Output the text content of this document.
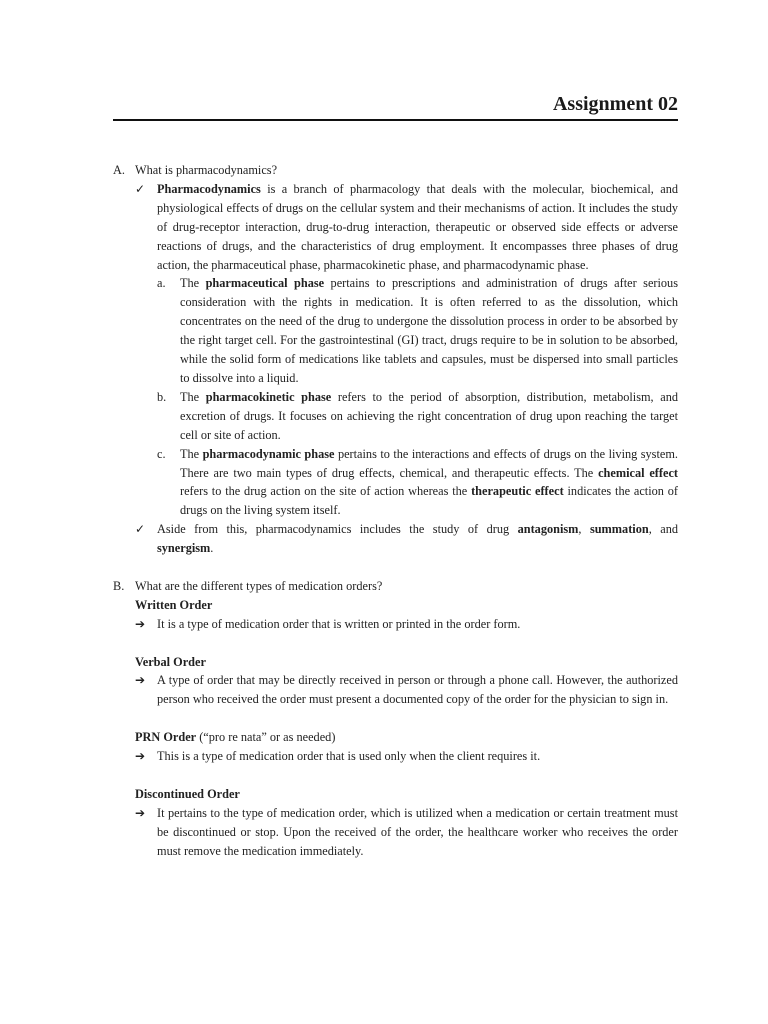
Assignment 02
A. What is pharmacodynamics?
✓ Pharmacodynamics is a branch of pharmacology that deals with the molecular, biochemical, and physiological effects of drugs on the cellular system and their mechanisms of action. It includes the study of drug-receptor interaction, drug-to-drug interaction, therapeutic or observed side effects or adverse reactions of drugs, and the characteristics of drug employment. It encompasses three phases of drug action, the pharmaceutical phase, pharmacokinetic phase, and pharmacodynamic phase.
a. The pharmaceutical phase pertains to prescriptions and administration of drugs after serious consideration with the rights in medication. It is often referred to as the dissolution, which concentrates on the need of the drug to undergone the dissolution process in order to be absorbed by the right target cell. For the gastrointestinal (GI) tract, drugs require to be in solution to be absorbed, while the solid form of medications like tablets and capsules, must be dispersed into small particles to dissolve into a liquid.
b. The pharmacokinetic phase refers to the period of absorption, distribution, metabolism, and excretion of drugs. It focuses on achieving the right concentration of drug upon reaching the target cell or site of action.
c. The pharmacodynamic phase pertains to the interactions and effects of drugs on the living system. There are two main types of drug effects, chemical, and therapeutic effects. The chemical effect refers to the drug action on the site of action whereas the therapeutic effect indicates the action of drugs on the living system itself.
✓ Aside from this, pharmacodynamics includes the study of drug antagonism, summation, and synergism.
B. What are the different types of medication orders?
Written Order
➔ It is a type of medication order that is written or printed in the order form.
Verbal Order
➔ A type of order that may be directly received in person or through a phone call. However, the authorized person who received the order must present a documented copy of the order for the physician to sign in.
PRN Order (“pro re nata” or as needed)
➔ This is a type of medication order that is used only when the client requires it.
Discontinued Order
➔ It pertains to the type of medication order, which is utilized when a medication or certain treatment must be discontinued or stop. Upon the received of the order, the healthcare worker who receives the order must remove the medication immediately.
